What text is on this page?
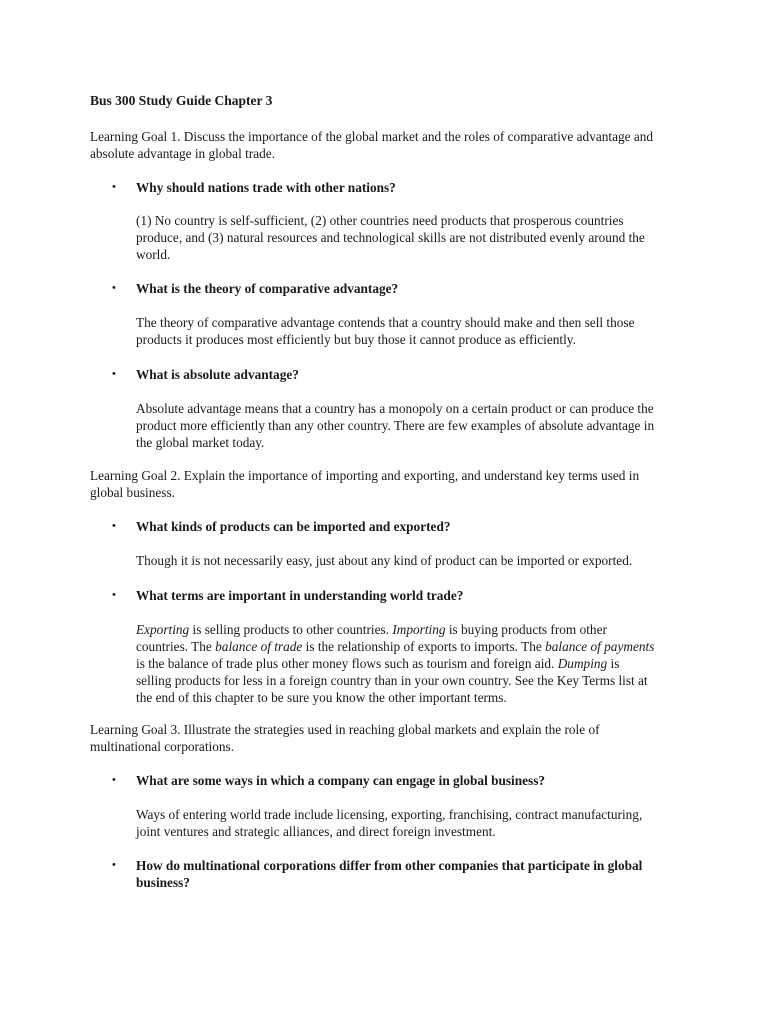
Bus 300 Study Guide Chapter 3
Learning Goal 1. Discuss the importance of the global market and the roles of comparative advantage and
absolute advantage in global trade.
• Why should nations trade with other nations?
(1) No country is self-sufficient, (2) other countries need products that prosperous countries
produce, and (3) natural resources and technological skills are not distributed evenly around the
world.
• What is the theory of comparative advantage?
The theory of comparative advantage contends that a country should make and then sell those
products it produces most efficiently but buy those it cannot produce as efficiently.
• What is absolute advantage?
Absolute advantage means that a country has a monopoly on a certain product or can produce the
product more efficiently than any other country. There are few examples of absolute advantage in
the global market today.
Learning Goal 2. Explain the importance of importing and exporting, and understand key terms used in
global business.
• What kinds of products can be imported and exported?
Though it is not necessarily easy, just about any kind of product can be imported or exported.
• What terms are important in understanding world trade?
Exporting is selling products to other countries. Importing is buying products from other
countries. The balance of trade is the relationship of exports to imports. The balance of payments
is the balance of trade plus other money flows such as tourism and foreign aid. Dumping is
selling products for less in a foreign country than in your own country. See the Key Terms list at
the end of this chapter to be sure you know the other important terms.
Learning Goal 3. Illustrate the strategies used in reaching global markets and explain the role of
multinational corporations.
• What are some ways in which a company can engage in global business?
Ways of entering world trade include licensing, exporting, franchising, contract manufacturing,
joint ventures and strategic alliances, and direct foreign investment.
• How do multinational corporations differ from other companies that participate in global
business?
